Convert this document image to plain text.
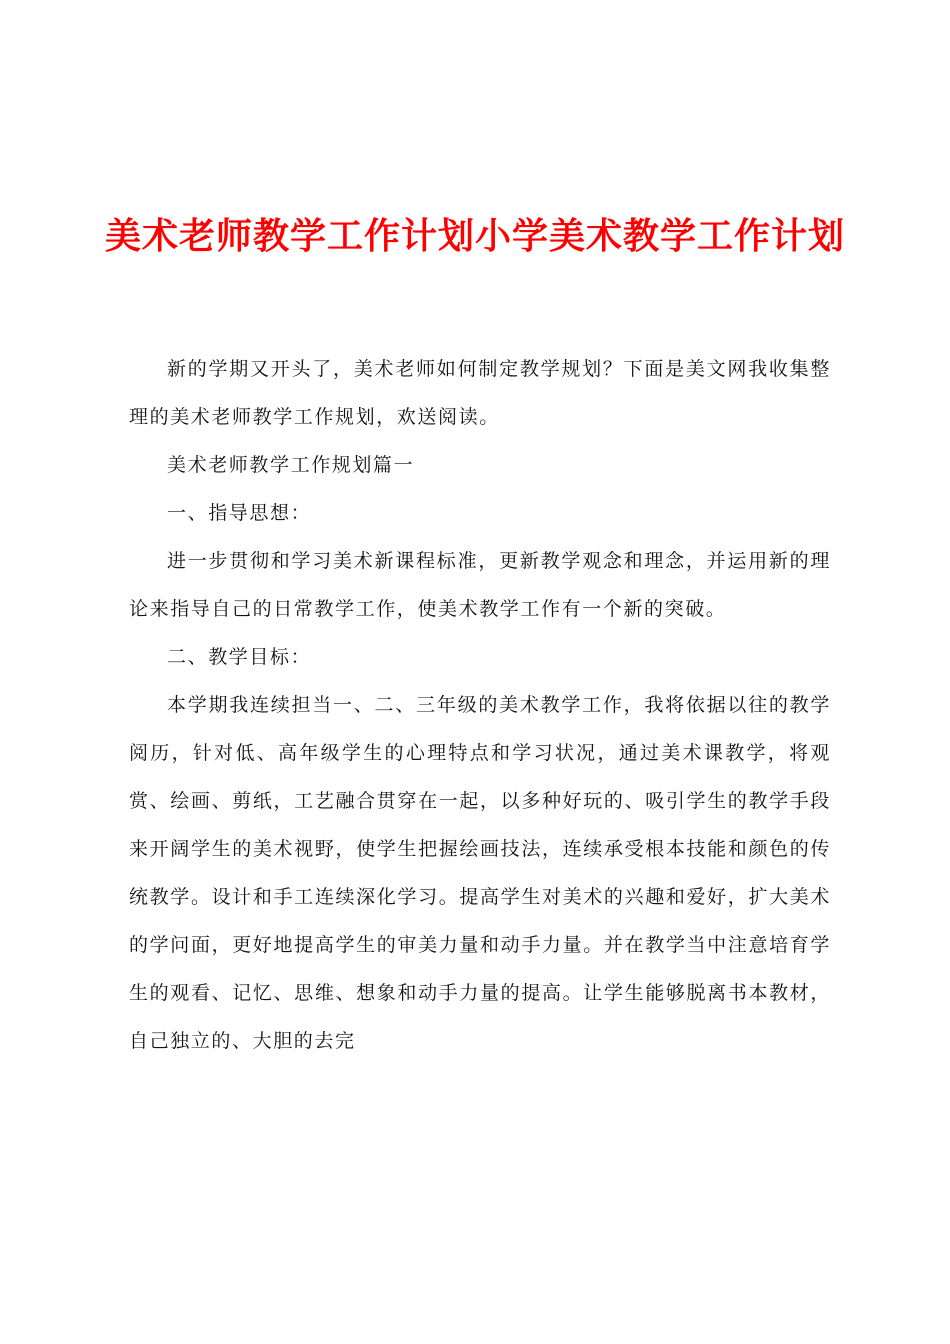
美术老师教学工作计划小学美术教学工作计划

新的学期又开头了，美术老师如何制定教学规划？下面是美文网我收集整理的美术老师教学工作规划，欢送阅读。

美术老师教学工作规划篇一

一、指导思想：

进一步贯彻和学习美术新课程标准，更新教学观念和理念，并运用新的理论来指导自己的日常教学工作，使美术教学工作有一个新的突破。

二、教学目标：

本学期我连续担当一、二、三年级的美术教学工作，我将依据以往的教学阅历，针对低、高年级学生的心理特点和学习状况，通过美术课教学，将观赏、绘画、剪纸，工艺融合贯穿在一起，以多种好玩的、吸引学生的教学手段来开阔学生的美术视野，使学生把握绘画技法，连续承受根本技能和颜色的传统教学。设计和手工连续深化学习。提高学生对美术的兴趣和爱好，扩大美术的学问面，更好地提高学生的审美力量和动手力量。并在教学当中注意培育学生的观看、记忆、思维、想象和动手力量的提高。让学生能够脱离书本教材，自己独立的、大胆的去完
